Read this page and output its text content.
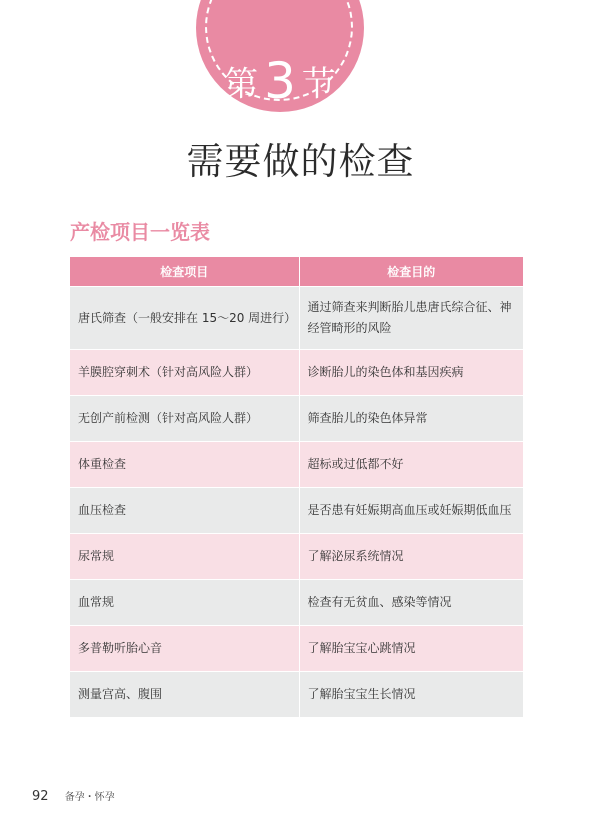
第 3 节
需要做的检查
产检项目一览表
检查项目	检查目的
唐氏筛查（一般安排在 15～20 周进行）	通过筛查来判断胎儿患唐氏综合征、神经管畸形的风险
羊膜腔穿刺术（针对高风险人群）	诊断胎儿的染色体和基因疾病
无创产前检测（针对高风险人群）	筛查胎儿的染色体异常
体重检查	超标或过低都不好
血压检查	是否患有妊娠期高血压或妊娠期低血压
尿常规	了解泌尿系统情况
血常规	检查有无贫血、感染等情况
多普勒听胎心音	了解胎宝宝心跳情况
测量宫高、腹围	了解胎宝宝生长情况
92 备孕・怀孕
